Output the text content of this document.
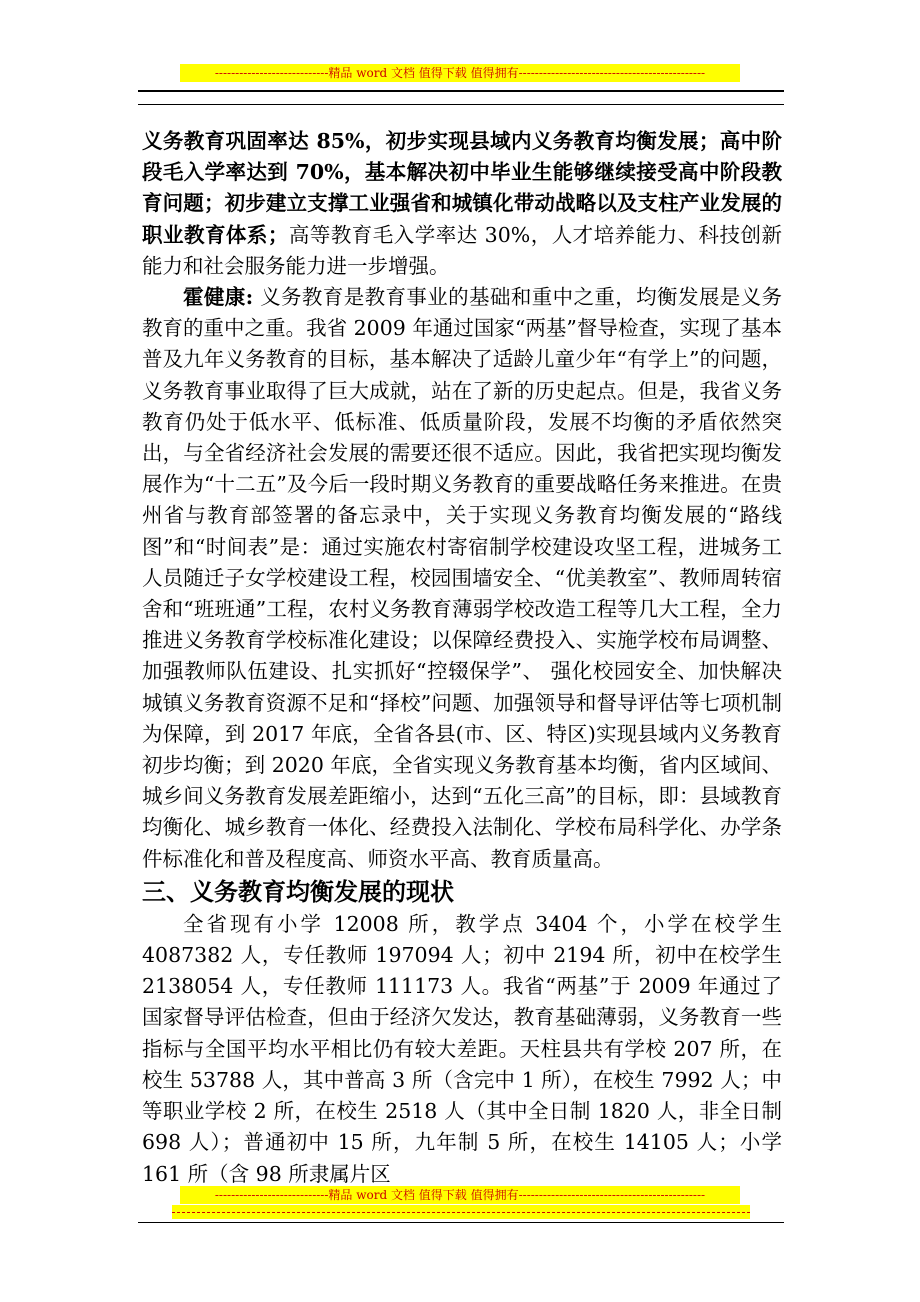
----------------------------精品 word 文档 值得下载 值得拥有----------------------------------------------

义务教育巩固率达 85%，初步实现县域内义务教育均衡发展；高中阶段毛入学率达到 70%，基本解决初中毕业生能够继续接受高中阶段教育问题；初步建立支撑工业强省和城镇化带动战略以及支柱产业发展的职业教育体系；高等教育毛入学率达 30%，人才培养能力、科技创新能力和社会服务能力进一步增强。

霍健康: 义务教育是教育事业的基础和重中之重，均衡发展是义务教育的重中之重。我省 2009 年通过国家“两基”督导检查，实现了基本普及九年义务教育的目标，基本解决了适龄儿童少年“有学上”的问题，义务教育事业取得了巨大成就，站在了新的历史起点。但是，我省义务教育仍处于低水平、低标准、低质量阶段，发展不均衡的矛盾依然突出，与全省经济社会发展的需要还很不适应。因此，我省把实现均衡发展作为“十二五”及今后一段时期义务教育的重要战略任务来推进。在贵州省与教育部签署的备忘录中，关于实现义务教育均衡发展的“路线图”和“时间表”是：通过实施农村寄宿制学校建设攻坚工程，进城务工人员随迁子女学校建设工程，校园围墙安全、“优美教室”、教师周转宿舍和“班班通”工程，农村义务教育薄弱学校改造工程等几大工程，全力推进义务教育学校标准化建设；以保障经费投入、实施学校布局调整、加强教师队伍建设、扎实抓好“控辍保学”、 强化校园安全、加快解决城镇义务教育资源不足和“择校”问题、加强领导和督导评估等七项机制为保障，到 2017 年底，全省各县(市、区、特区)实现县域内义务教育初步均衡；到 2020 年底，全省实现义务教育基本均衡，省内区域间、城乡间义务教育发展差距缩小，达到“五化三高”的目标，即：县域教育均衡化、城乡教育一体化、经费投入法制化、学校布局科学化、办学条件标准化和普及程度高、师资水平高、教育质量高。

三、义务教育均衡发展的现状

全省现有小学 12008 所，教学点 3404 个，小学在校学生 4087382 人，专任教师 197094 人；初中 2194 所，初中在校学生 2138054 人，专任教师 111173 人。我省“两基”于 2009 年通过了国家督导评估检查，但由于经济欠发达，教育基础薄弱，义务教育一些指标与全国平均水平相比仍有较大差距。天柱县共有学校 207 所，在校生 53788 人，其中普高 3 所（含完中 1 所），在校生 7992 人；中等职业学校 2 所，在校生 2518 人（其中全日制 1820 人，非全日制 698 人）；普通初中 15 所，九年制 5 所，在校生 14105 人；小学 161 所（含 98 所隶属片区

----------------------------精品 word 文档 值得下载 值得拥有----------------------------------------------
